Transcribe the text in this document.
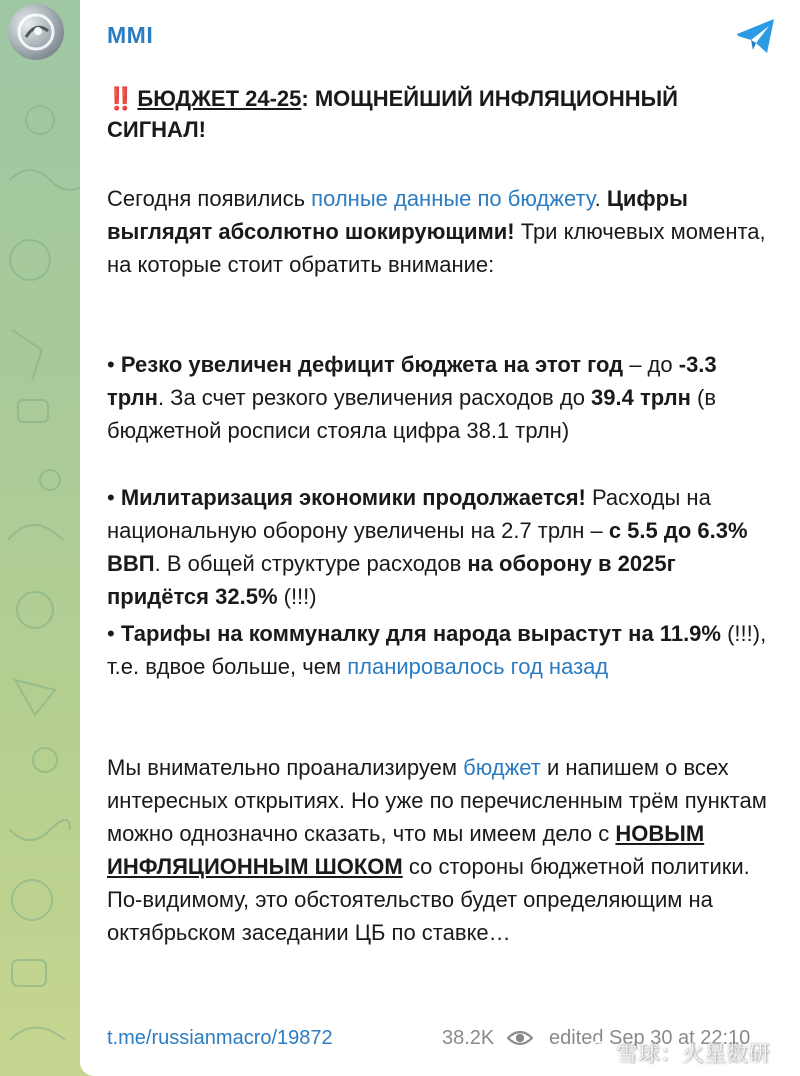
MMI
‼️ БЮДЖЕТ 24-25: МОЩНЕЙШИЙ ИНФЛЯЦИОННЫЙ СИГНАЛ!
Сегодня появились полные данные по бюджету. Цифры выглядят абсолютно шокирующими! Три ключевых момента, на которые стоит обратить внимание:
• Резко увеличен дефицит бюджета на этот год – до -3.3 трлн. За счет резкого увеличения расходов до 39.4 трлн (в бюджетной росписи стояла цифра 38.1 трлн)
• Милитаризация экономики продолжается! Расходы на национальную оборону увеличены на 2.7 трлн – с 5.5 до 6.3% ВВП. В общей структуре расходов на оборону в 2025г придётся 32.5% (!!!)
• Тарифы на коммуналку для народа вырастут на 11.9% (!!!), т.е. вдвое больше, чем планировалось год назад
Мы внимательно проанализируем бюджет и напишем о всех интересных открытиях. Но уже по перечисленным трём пунктам можно однозначно сказать, что мы имеем дело с НОВЫМ ИНФЛЯЦИОННЫМ ШОКОМ со стороны бюджетной политики. По-видимому, это обстоятельство будет определяющим на октябрьском заседании ЦБ по ставке…
t.me/russianmacro/19872	38.2K	edited Sep 30 at 22:10
雪球：火星数研
